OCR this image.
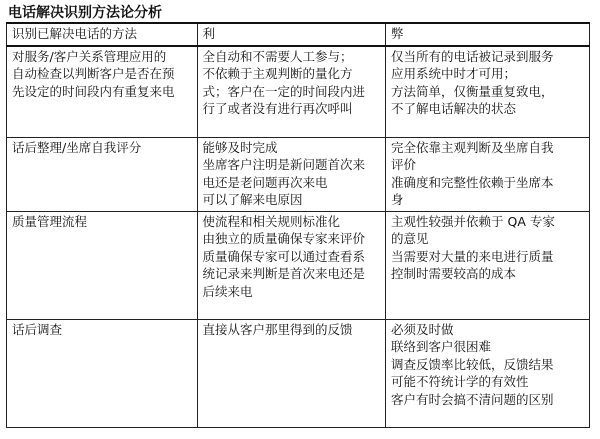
电话解决识别方法论分析
识别已解决电话的方法	利	弊

对服务/客户关系管理应用的
自动检查以判断客户是否在预
先设定的时间段内有重复来电	全自动和不需要人工参与；
不依赖于主观判断的量化方
式；客户在一定的时间段内进
行了或者没有进行再次呼叫	仅当所有的电话被记录到服务
应用系统中时才可用；
方法简单，仅衡量重复致电，
不了解电话解决的状态

话后整理/坐席自我评分	能够及时完成
坐席客户注明是新问题首次来
电还是老问题再次来电
可以了解来电原因	完全依靠主观判断及坐席自我
评价
准确度和完整性依赖于坐席本
身

质量管理流程	使流程和相关规则标准化
由独立的质量确保专家来评价
质量确保专家可以通过查看系
统记录来判断是首次来电还是
后续来电	主观性较强并依赖于 QA 专家
的意见
当需要对大量的来电进行质量
控制时需要较高的成本

话后调查	直接从客户那里得到的反馈	必须及时做
联络到客户很困难
调查反馈率比较低，反馈结果
可能不符统计学的有效性
客户有时会搞不清问题的区别
